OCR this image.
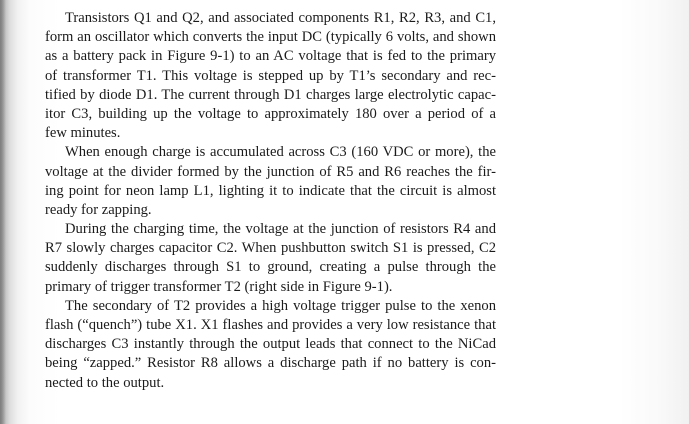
Transistors Q1 and Q2, and associated components R1, R2, R3, and C1,
form an oscillator which converts the input DC (typically 6 volts, and shown
as a battery pack in Figure 9-1) to an AC voltage that is fed to the primary
of transformer T1. This voltage is stepped up by T1’s secondary and rec-
tified by diode D1. The current through D1 charges large electrolytic capac-
itor C3, building up the voltage to approximately 180 over a period of a
few minutes.
When enough charge is accumulated across C3 (160 VDC or more), the
voltage at the divider formed by the junction of R5 and R6 reaches the fir-
ing point for neon lamp L1, lighting it to indicate that the circuit is almost
ready for zapping.
During the charging time, the voltage at the junction of resistors R4 and
R7 slowly charges capacitor C2. When pushbutton switch S1 is pressed, C2
suddenly discharges through S1 to ground, creating a pulse through the
primary of trigger transformer T2 (right side in Figure 9-1).
The secondary of T2 provides a high voltage trigger pulse to the xenon
flash (“quench”) tube X1. X1 flashes and provides a very low resistance that
discharges C3 instantly through the output leads that connect to the NiCad
being “zapped.” Resistor R8 allows a discharge path if no battery is con-
nected to the output.
